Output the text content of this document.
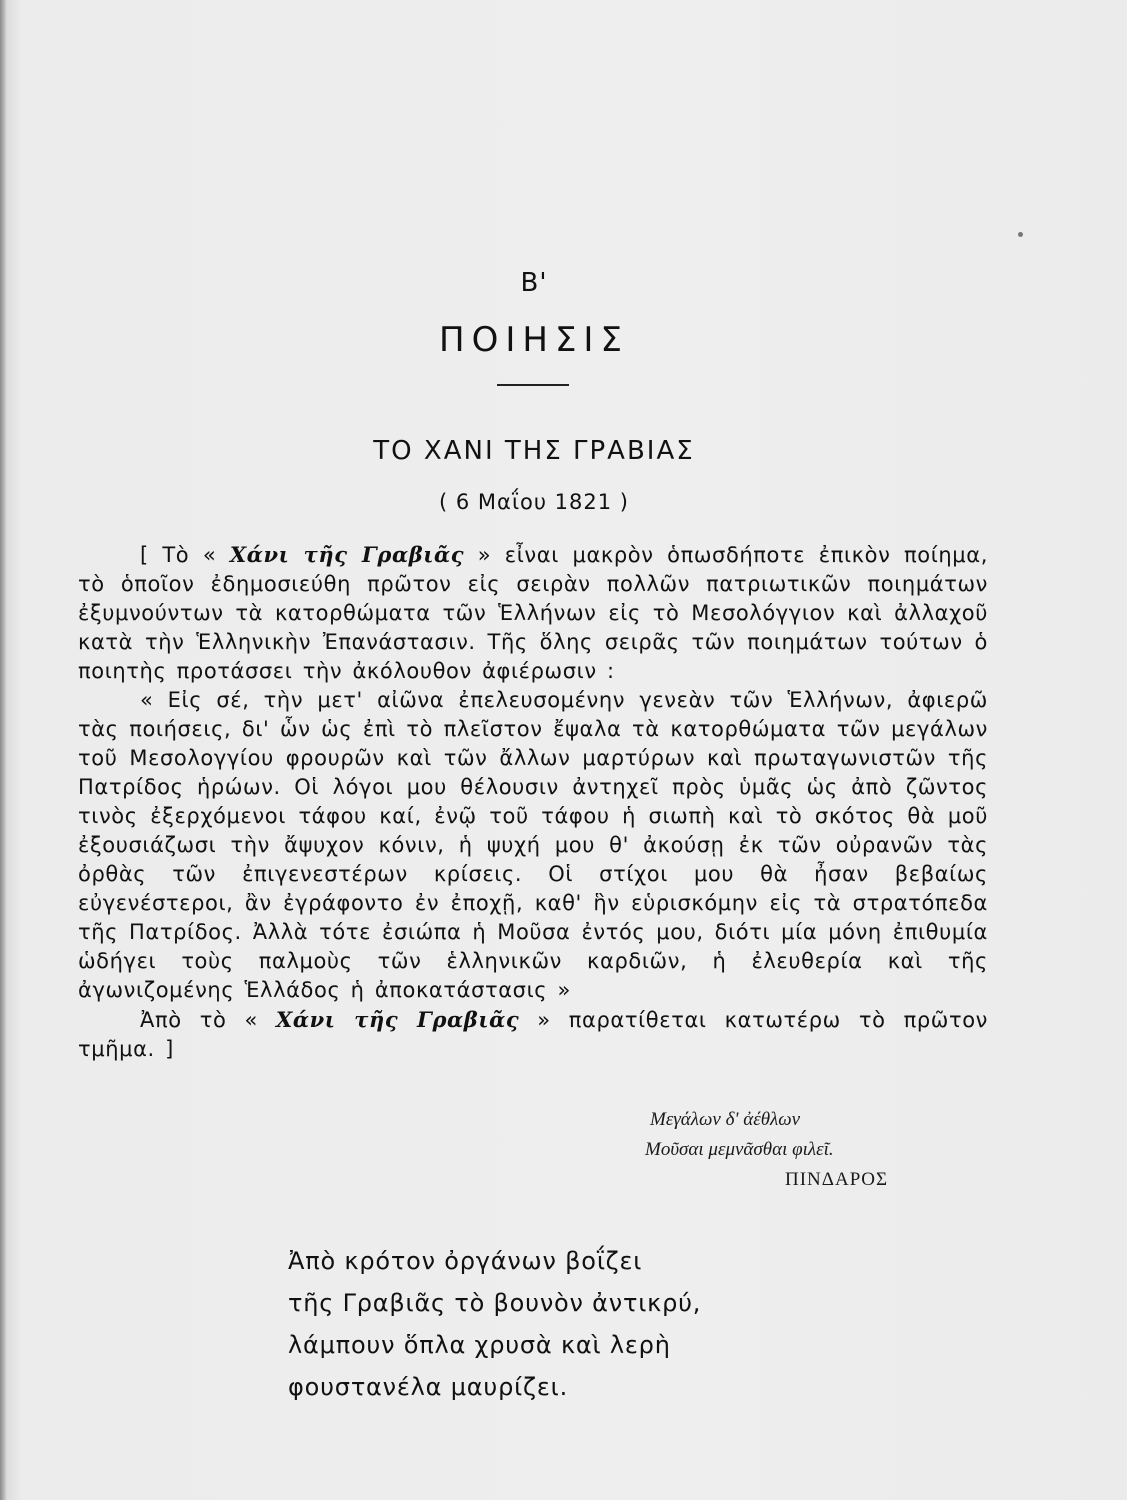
Β'
ΠΟΙΗΣΙΣ
ΤΟ ΧΑΝΙ ΤΗΣ ΓΡΑΒΙΑΣ
( 6 Μαΐου 1821 )

[ Τὸ « Χάνι τῆς Γραβιᾶς » εἶναι μακρὸν ὁπωσδήποτε ἐπικὸν ποίημα, τὸ ὁποῖον ἐδημοσιεύθη πρῶτον εἰς σειρὰν πολλῶν πατριωτικῶν ποιημάτων ἐξυμνούντων τὰ κατορθώματα τῶν Ἑλλήνων εἰς τὸ Μεσολόγγιον καὶ ἀλλαχοῦ κατὰ τὴν Ἑλληνικὴν Ἐπανάστασιν. Τῆς ὅλης σειρᾶς τῶν ποιημάτων τούτων ὁ ποιητὴς προτάσσει τὴν ἀκόλουθον ἀφιέρωσιν :

« Εἰς σέ, τὴν μετ' αἰῶνα ἐπελευσομένην γενεὰν τῶν Ἑλλήνων, ἀφιερῶ τὰς ποιήσεις, δι' ὧν ὡς ἐπὶ τὸ πλεῖστον ἔψαλα τὰ κατορθώματα τῶν μεγάλων τοῦ Μεσολογγίου φρουρῶν καὶ τῶν ἄλλων μαρτύρων καὶ πρωταγωνιστῶν τῆς Πατρίδος ἡρώων. Οἱ λόγοι μου θέλουσιν ἀντηχεῖ πρὸς ὑμᾶς ὡς ἀπὸ ζῶντος τινὸς ἐξερχόμενοι τάφου καί, ἐνῷ τοῦ τάφου ἡ σιωπὴ καὶ τὸ σκότος θὰ μοῦ ἐξουσιάζωσι τὴν ἄψυχον κόνιν, ἡ ψυχή μου θ' ἀκούσῃ ἐκ τῶν οὐρανῶν τὰς ὀρθὰς τῶν ἐπιγενεστέρων κρίσεις. Οἱ στίχοι μου θὰ ἦσαν βεβαίως εὐγενέστεροι, ἂν ἐγράφοντο ἐν ἐποχῇ, καθ' ἣν εὑρισκόμην εἰς τὰ στρατόπεδα τῆς Πατρίδος. Ἀλλὰ τότε ἐσιώπα ἡ Μοῦσα ἐντός μου, διότι μία μόνη ἐπιθυμία ὡδήγει τοὺς παλμοὺς τῶν ἑλληνικῶν καρδιῶν, ἡ ἐλευθερία καὶ τῆς ἀγωνιζομένης Ἑλλάδος ἡ ἀποκατάστασις »

Ἀπὸ τὸ « Χάνι τῆς Γραβιᾶς » παρατίθεται κατωτέρω τὸ πρῶτον τμῆμα. ]

Μεγάλων δ' ἀέθλων
Μοῦσαι μεμνᾶσθαι φιλεῖ.
ΠΙΝΔΑΡΟΣ
Ἀπὸ κρότον ὀργάνων βοΐζει
τῆς Γραβιᾶς τὸ βουνὸν ἀντικρύ,
λάμπουν ὅπλα χρυσὰ καὶ λερὴ
φουστανέλα μαυρίζει.
